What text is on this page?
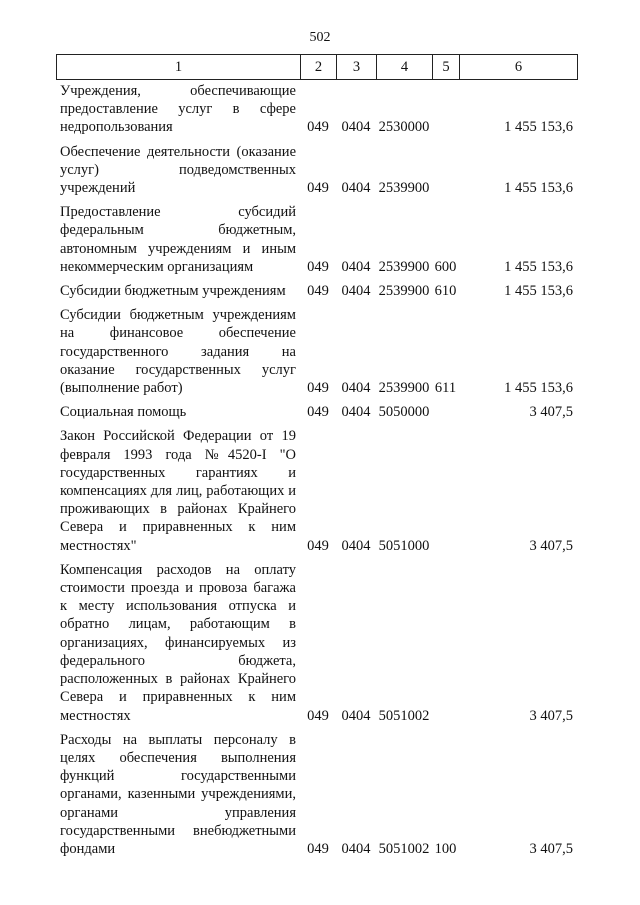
502
1	2	3	4	5	6
Учреждения, обеспечивающие предоставление услуг в сфере недропользования	049	0404	2530000		1 455 153,6

Обеспечение деятельности (оказание услуг) подведомственных учреждений	049	0404	2539900		1 455 153,6

Предоставление субсидий федеральным бюджетным, автономным учреждениям и иным некоммерческим организациям	049	0404	2539900	600	1 455 153,6

Субсидии бюджетным учреждениям	049	0404	2539900	610	1 455 153,6

Субсидии бюджетным учреждениям на финансовое обеспечение государственного задания на оказание государственных услуг (выполнение работ)	049	0404	2539900	611	1 455 153,6

Социальная помощь	049	0404	5050000		3 407,5

Закон Российской Федерации от 19 февраля 1993 года №4520-I "О государственных гарантиях и компенсациях для лиц, работающих и проживающих в районах Крайнего Севера и приравненных к ним местностях"	049	0404	5051000		3 407,5

Компенсация расходов на оплату стоимости проезда и провоза багажа к месту использования отпуска и обратно лицам, работающим в организациях, финансируемых из федерального бюджета, расположенных в районах Крайнего Севера и приравненных к ним местностях	049	0404	5051002		3 407,5

Расходы на выплаты персоналу в целях обеспечения выполнения функций государственными органами, казенными учреждениями, органами управления государственными внебюджетными фондами	049	0404	5051002	100	3 407,5
